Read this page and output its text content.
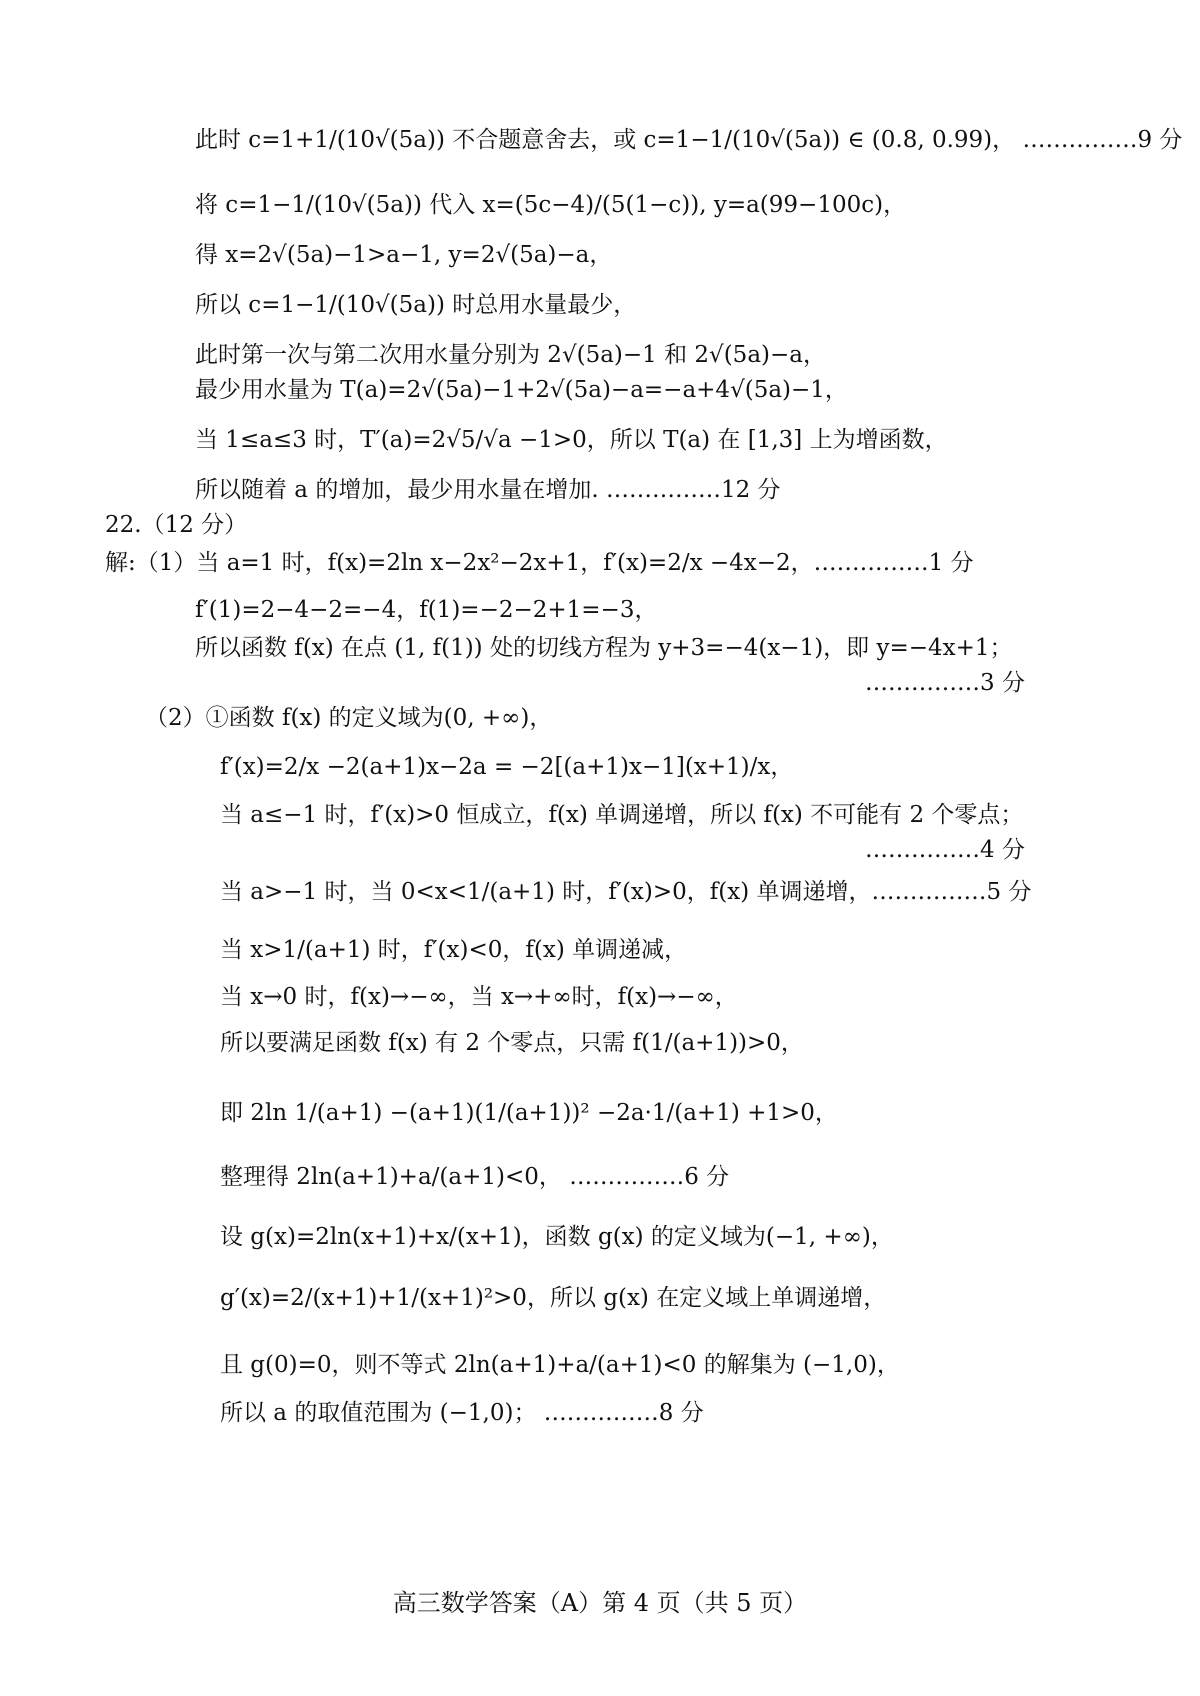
此时 c=1+1/(10√(5a)) 不合题意舍去，或 c=1−1/(10√(5a)) ∈ (0.8, 0.99)， ……………9 分
将 c=1−1/(10√(5a)) 代入 x=(5c−4)/(5(1−c)), y=a(99−100c)，
得 x=2√(5a)−1>a−1, y=2√(5a)−a，
所以 c=1−1/(10√(5a)) 时总用水量最少，
此时第一次与第二次用水量分别为 2√(5a)−1 和 2√(5a)−a，
最少用水量为 T(a)=2√(5a)−1+2√(5a)−a=−a+4√(5a)−1，
当 1≤a≤3 时，T′(a)=2√5/√a −1>0，所以 T(a) 在 [1,3] 上为增函数，
所以随着 a 的增加，最少用水量在增加. ……………12 分
22.（12 分）
解:（1）当 a=1 时，f(x)=2ln x−2x²−2x+1，f′(x)=2/x −4x−2，……………1 分
f′(1)=2−4−2=−4，f(1)=−2−2+1=−3，
所以函数 f(x) 在点 (1, f(1)) 处的切线方程为 y+3=−4(x−1)，即 y=−4x+1；
……………3 分
（2）①函数 f(x) 的定义域为(0, +∞)，
f′(x)=2/x −2(a+1)x−2a = −2[(a+1)x−1](x+1)/x，
当 a≤−1 时，f′(x)>0 恒成立，f(x) 单调递增，所以 f(x) 不可能有 2 个零点；
……………4 分
当 a>−1 时，当 0<x<1/(a+1) 时，f′(x)>0，f(x) 单调递增，……………5 分
当 x>1/(a+1) 时，f′(x)<0，f(x) 单调递减，
当 x→0 时，f(x)→−∞，当 x→+∞时，f(x)→−∞，
所以要满足函数 f(x) 有 2 个零点，只需 f(1/(a+1))>0，
即 2ln 1/(a+1) −(a+1)(1/(a+1))² −2a·1/(a+1) +1>0，
整理得 2ln(a+1)+a/(a+1)<0， ……………6 分
设 g(x)=2ln(x+1)+x/(x+1)，函数 g(x) 的定义域为(−1, +∞)，
g′(x)=2/(x+1)+1/(x+1)²>0，所以 g(x) 在定义域上单调递增，
且 g(0)=0，则不等式 2ln(a+1)+a/(a+1)<0 的解集为 (−1,0)，
所以 a 的取值范围为 (−1,0)； ……………8 分
高三数学答案（A）第 4 页（共 5 页）
